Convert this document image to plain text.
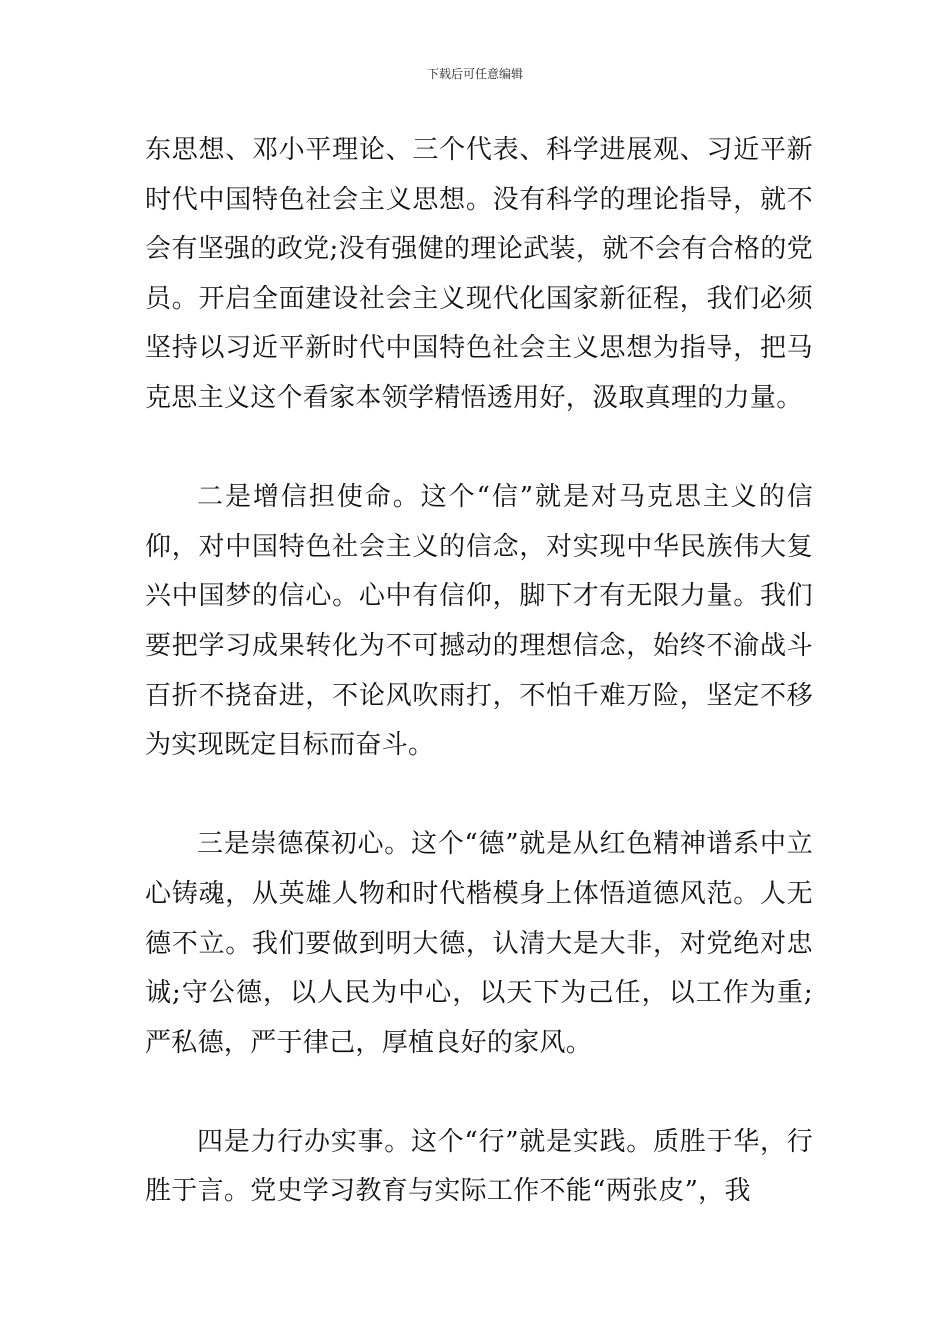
下载后可任意编辑

东思想、邓小平理论、三个代表、科学进展观、习近平新时代中国特色社会主义思想。没有科学的理论指导，就不会有坚强的政党;没有强健的理论武装，就不会有合格的党员。开启全面建设社会主义现代化国家新征程，我们必须坚持以习近平新时代中国特色社会主义思想为指导，把马克思主义这个看家本领学精悟透用好，汲取真理的力量。

二是增信担使命。这个“信”就是对马克思主义的信仰，对中国特色社会主义的信念，对实现中华民族伟大复兴中国梦的信心。心中有信仰，脚下才有无限力量。我们要把学习成果转化为不可撼动的理想信念，始终不渝战斗百折不挠奋进，不论风吹雨打，不怕千难万险，坚定不移为实现既定目标而奋斗。

三是崇德葆初心。这个“德”就是从红色精神谱系中立心铸魂，从英雄人物和时代楷模身上体悟道德风范。人无德不立。我们要做到明大德，认清大是大非，对党绝对忠诚;守公德，以人民为中心，以天下为己任，以工作为重;严私德，严于律己，厚植良好的家风。

四是力行办实事。这个“行”就是实践。质胜于华，行胜于言。党史学习教育与实际工作不能“两张皮”，我
